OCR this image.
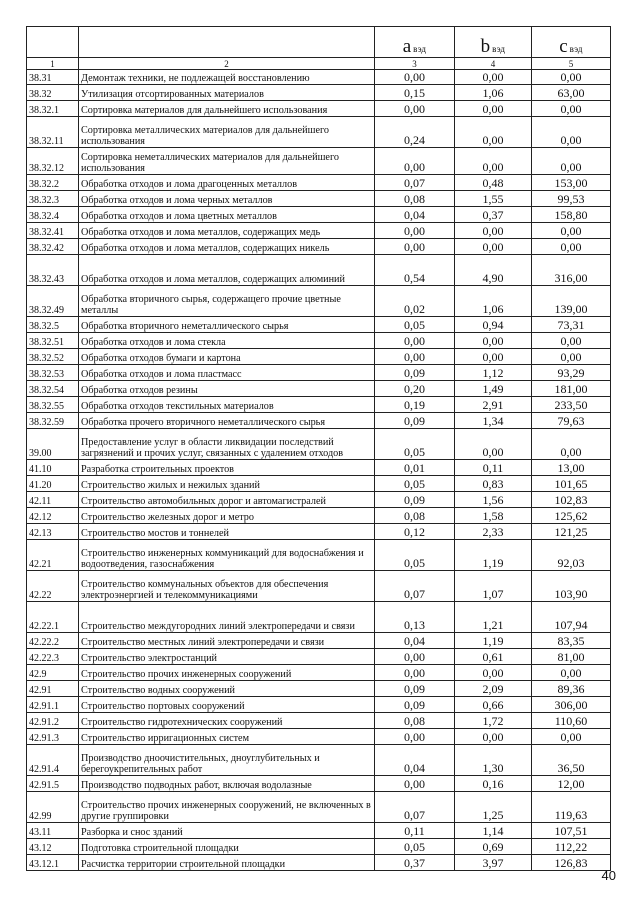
		a вэд	b вэд	c вэд
1	2	3	4	5
38.31	Демонтаж техники, не подлежащей восстановлению	0,00	0,00	0,00
38.32	Утилизация отсортированных материалов	0,15	1,06	63,00
38.32.1	Сортировка материалов для дальнейшего использования	0,00	0,00	0,00
38.32.11	Сортировка металлических материалов для дальнейшего использования	0,24	0,00	0,00
38.32.12	Сортировка неметаллических материалов для дальнейшего использования	0,00	0,00	0,00
38.32.2	Обработка отходов и лома драгоценных металлов	0,07	0,48	153,00
38.32.3	Обработка отходов и лома черных металлов	0,08	1,55	99,53
38.32.4	Обработка отходов и лома цветных металлов	0,04	0,37	158,80
38.32.41	Обработка отходов и лома металлов, содержащих медь	0,00	0,00	0,00
38.32.42	Обработка отходов и лома металлов, содержащих никель	0,00	0,00	0,00
38.32.43	Обработка отходов и лома металлов, содержащих алюминий	0,54	4,90	316,00
38.32.49	Обработка вторичного сырья, содержащего прочие цветные металлы	0,02	1,06	139,00
38.32.5	Обработка вторичного неметаллического сырья	0,05	0,94	73,31
38.32.51	Обработка отходов и лома стекла	0,00	0,00	0,00
38.32.52	Обработка отходов бумаги и картона	0,00	0,00	0,00
38.32.53	Обработка отходов и лома пластмасс	0,09	1,12	93,29
38.32.54	Обработка отходов резины	0,20	1,49	181,00
38.32.55	Обработка отходов текстильных материалов	0,19	2,91	233,50
38.32.59	Обработка прочего вторичного неметаллического сырья	0,09	1,34	79,63
39.00	Предоставление услуг в области ликвидации последствий загрязнений и прочих услуг, связанных с удалением отходов	0,05	0,00	0,00
41.10	Разработка строительных проектов	0,01	0,11	13,00
41.20	Строительство жилых и нежилых зданий	0,05	0,83	101,65
42.11	Строительство автомобильных дорог и автомагистралей	0,09	1,56	102,83
42.12	Строительство железных дорог и метро	0,08	1,58	125,62
42.13	Строительство мостов и тоннелей	0,12	2,33	121,25
42.21	Строительство инженерных коммуникаций для водоснабжения и водоотведения, газоснабжения	0,05	1,19	92,03
42.22	Строительство коммунальных объектов для обеспечения электроэнергией и телекоммуникациями	0,07	1,07	103,90
42.22.1	Строительство междугородних линий электропередачи и связи	0,13	1,21	107,94
42.22.2	Строительство местных линий электропередачи и связи	0,04	1,19	83,35
42.22.3	Строительство электростанций	0,00	0,61	81,00
42.9	Строительство прочих инженерных сооружений	0,00	0,00	0,00
42.91	Строительство водных сооружений	0,09	2,09	89,36
42.91.1	Строительство портовых сооружений	0,09	0,66	306,00
42.91.2	Строительство гидротехнических сооружений	0,08	1,72	110,60
42.91.3	Строительство ирригационных систем	0,00	0,00	0,00
42.91.4	Производство дноочистительных, дноуглубительных и берегоукрепительных работ	0,04	1,30	36,50
42.91.5	Производство подводных работ, включая водолазные	0,00	0,16	12,00
42.99	Строительство прочих инженерных сооружений, не включенных в другие группировки	0,07	1,25	119,63
43.11	Разборка и снос зданий	0,11	1,14	107,51
43.12	Подготовка строительной площадки	0,05	0,69	112,22
43.12.1	Расчистка территории строительной площадки	0,37	3,97	126,83
40
